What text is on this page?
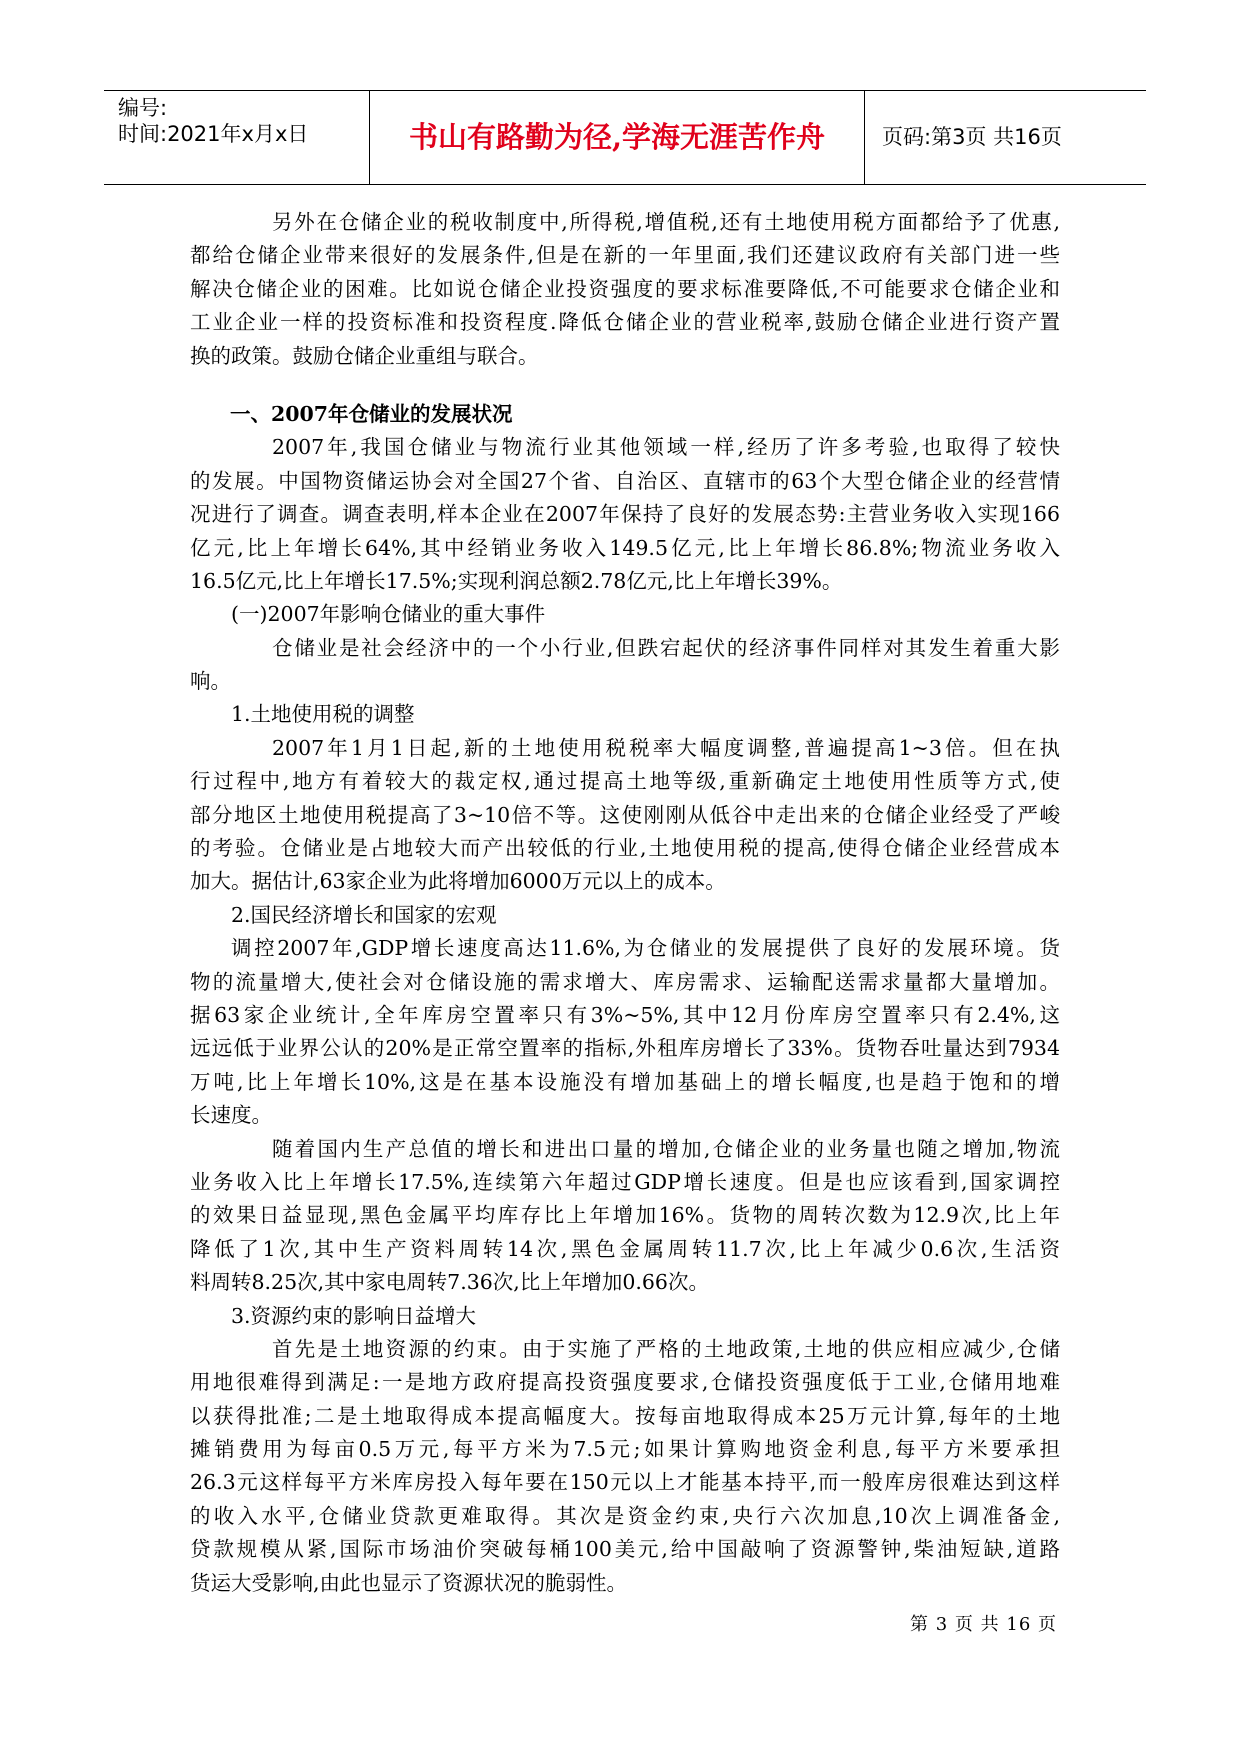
编号:
时间:2021年x月x日	书山有路勤为径,学海无涯苦作舟	页码:第3页 共16页
另外在仓储企业的税收制度中,所得税,增值税,还有土地使用税方面都给予了优惠,
都给仓储企业带来很好的发展条件,但是在新的一年里面,我们还建议政府有关部门进一些
解决仓储企业的困难。比如说仓储企业投资强度的要求标准要降低,不可能要求仓储企业和
工业企业一样的投资标准和投资程度.降低仓储企业的营业税率,鼓励仓储企业进行资产置
换的政策。鼓励仓储企业重组与联合。
一、2007年仓储业的发展状况
2007年,我国仓储业与物流行业其他领域一样,经历了许多考验,也取得了较快
的发展。中国物资储运协会对全国27个省、自治区、直辖市的63个大型仓储企业的经营情
况进行了调查。调查表明,样本企业在2007年保持了良好的发展态势:主营业务收入实现166
亿元,比上年增长64%,其中经销业务收入149.5亿元,比上年增长86.8%;物流业务收入
16.5亿元,比上年增长17.5%;实现利润总额2.78亿元,比上年增长39%。
(一)2007年影响仓储业的重大事件
仓储业是社会经济中的一个小行业,但跌宕起伏的经济事件同样对其发生着重大影
响。
1.土地使用税的调整
2007年1月1日起,新的土地使用税税率大幅度调整,普遍提高1~3倍。但在执
行过程中,地方有着较大的裁定权,通过提高土地等级,重新确定土地使用性质等方式,使
部分地区土地使用税提高了3~10倍不等。这使刚刚从低谷中走出来的仓储企业经受了严峻
的考验。仓储业是占地较大而产出较低的行业,土地使用税的提高,使得仓储企业经营成本
加大。据估计,63家企业为此将增加6000万元以上的成本。
2.国民经济增长和国家的宏观
调控2007年,GDP增长速度高达11.6%,为仓储业的发展提供了良好的发展环境。货
物的流量增大,使社会对仓储设施的需求增大、库房需求、运输配送需求量都大量增加。
据63家企业统计,全年库房空置率只有3%~5%,其中12月份库房空置率只有2.4%,这
远远低于业界公认的20%是正常空置率的指标,外租库房增长了33%。货物吞吐量达到7934
万吨,比上年增长10%,这是在基本设施没有增加基础上的增长幅度,也是趋于饱和的增
长速度。
随着国内生产总值的增长和进出口量的增加,仓储企业的业务量也随之增加,物流
业务收入比上年增长17.5%,连续第六年超过GDP增长速度。但是也应该看到,国家调控
的效果日益显现,黑色金属平均库存比上年增加16%。货物的周转次数为12.9次,比上年
降低了1次,其中生产资料周转14次,黑色金属周转11.7次,比上年减少0.6次,生活资
料周转8.25次,其中家电周转7.36次,比上年增加0.66次。
3.资源约束的影响日益增大
首先是土地资源的约束。由于实施了严格的土地政策,土地的供应相应减少,仓储
用地很难得到满足:一是地方政府提高投资强度要求,仓储投资强度低于工业,仓储用地难
以获得批准;二是土地取得成本提高幅度大。按每亩地取得成本25万元计算,每年的土地
摊销费用为每亩0.5万元,每平方米为7.5元;如果计算购地资金利息,每平方米要承担
26.3元这样每平方米库房投入每年要在150元以上才能基本持平,而一般库房很难达到这样
的收入水平,仓储业贷款更难取得。其次是资金约束,央行六次加息,10次上调准备金,
贷款规模从紧,国际市场油价突破每桶100美元,给中国敲响了资源警钟,柴油短缺,道路
货运大受影响,由此也显示了资源状况的脆弱性。
第 3 页 共 16 页
